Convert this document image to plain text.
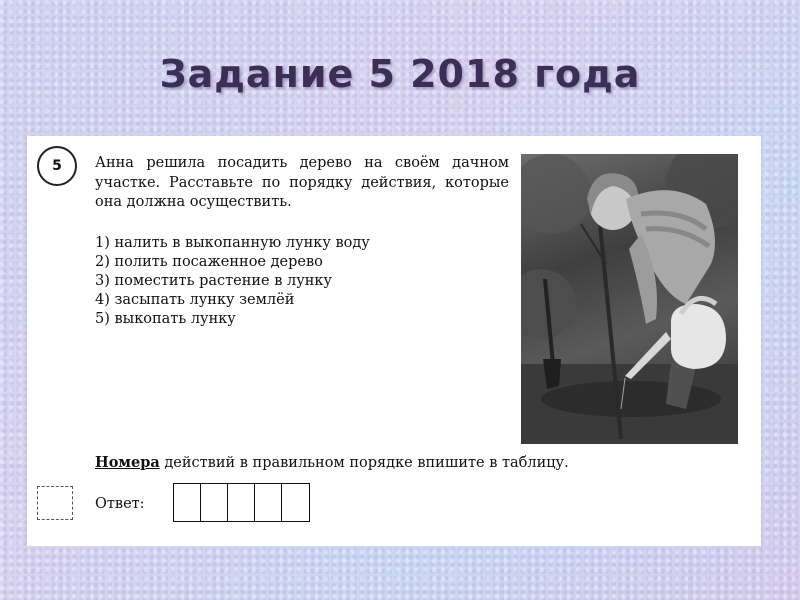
Задание 5 2018 года
5	Анна решила посадить дерево на своём дачном участке. Расставьте по порядку действия, которые она должна осуществить.

1) налить в выкопанную лунку воду
2) полить посаженное дерево
3) поместить растение в лунку
4) засыпать лунку землёй
5) выкопать лунку
Номера действий в правильном порядке впишите в таблицу.
Ответ:
